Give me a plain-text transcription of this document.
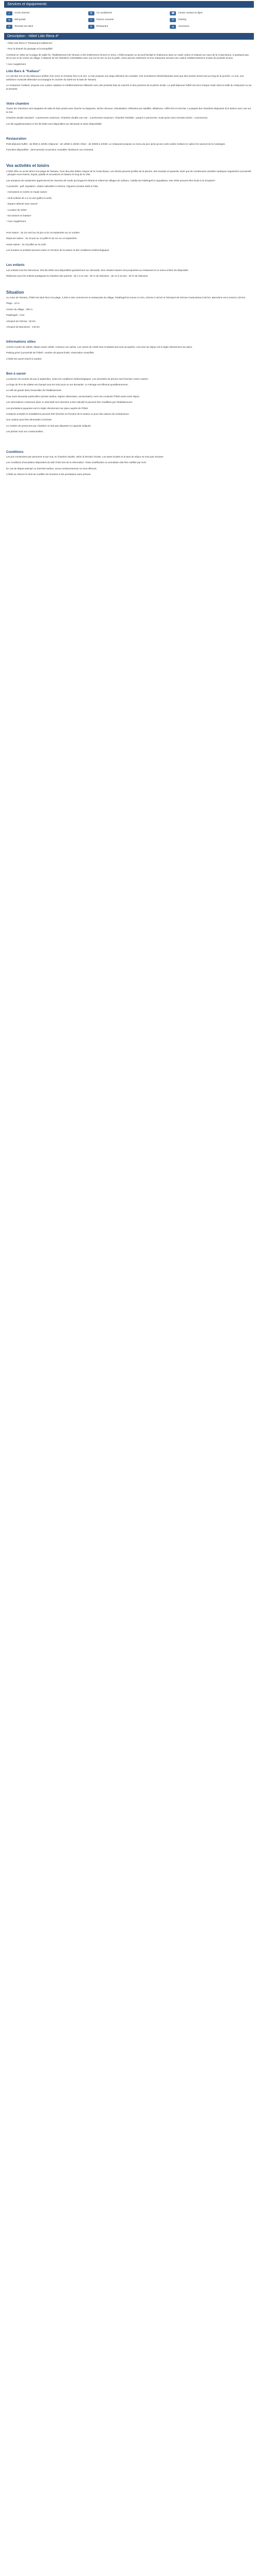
Services et équipements
⌂	Accès internet	❄	Air conditionné	☎	Centre contact en ligne
≋	Wifi gratuit	≈	Piscine couverte	P	Parking
☀	Terrasse de soleil	✕	Restaurant	▲	Ascenseur
Description - Hôtel Lido Riera 4*

- Hôtel Lido Riera 4* Restaurant traditionnel

- Pour la beauté du paysage et la tranquillité

Construit en 1962 sur la plage de sable fin, l'établissement de Tamariu a été entièrement rénové en 2014. L'hôtel propose un accueil familial et chaleureux dans un cadre calme et relaxant au cœur de la Costa Brava, à quelques pas de la mer et du centre du village. Il dispose de 50 chambres confortables avec vue sur la mer ou sur le jardin, d'une piscine extérieure et d'un restaurant servant une cuisine méditerranéenne à base de produits locaux.

* Avec supplément

Lido Bars & "Kallaus"

Le Lido Bar est un lieu idéal pour profiter d'un verre en terrasse face à la mer. Le bar propose une large sélection de cocktails, vins et boissons rafraîchissantes ainsi que des snacks servis tout au long de la journée. Le soir, une ambiance musicale détendue accompagne le coucher du soleil sur la baie de Tamariu.

Le restaurant "Kallaus" propose une cuisine catalane et méditerranéenne élaborée avec des produits frais du marché et des poissons de la pêche locale. Le petit-déjeuner buffet est servi chaque matin dans la salle du restaurant ou sur la terrasse.

Votre chambre

Toutes les chambres sont équipées de salle de bain privée avec douche ou baignoire, sèche-cheveux, climatisation, télévision par satellite, téléphone, coffre-fort et mini-bar. La plupart des chambres disposent d'un balcon avec vue sur la mer.

Chambre double standard : 2 personnes maximum. Chambre double vue mer : 2 personnes maximum. Chambre familiale : jusqu'à 4 personnes. Suite junior avec terrasse privée : 2 personnes.

Les lits supplémentaires et les lits bébé sont disponibles sur demande et selon disponibilité.

Restauration

Petit-déjeuner buffet : de 8h00 à 10h30. Déjeuner : de 13h00 à 15h30. Dîner : de 20h00 à 22h30. Le restaurant propose un menu du jour ainsi qu'une carte variée mettant en valeur les saveurs de la Catalogne.

Formules disponibles : demi-pension et pension complète* (boissons non incluses).

Vos activités et loisirs

L'hôtel offre un accès direct à la plage de Tamariu, l'une des plus belles criques de la Costa Brava. Les clients peuvent profiter de la piscine, des transats et parasols, ainsi que de nombreuses activités nautiques organisées à proximité : plongée sous-marine, kayak, paddle et excursions en bateau le long de la côte.

Les amateurs de randonnée apprécieront les chemins de ronde qui longent le littoral et relient les villages de Llafranc, Calella de Palafrugell et Aiguablava. Des vélos peuvent être loués à la réception*.

À proximité : golf, équitation, visites culturelles à Gérone, Figueres (musée Dalí) et Pals.

- Animations en soirée en haute saison

- Club enfants de 4 à 12 ans (juillet et août)

- Espace détente avec sauna*

- Location de vélos*

- Excursions en bateau*

* Avec supplément

Hors saison : du 1er avril au 15 juin et du 15 septembre au 31 octobre

Moyenne saison : du 16 juin au 14 juillet et du 1er au 14 septembre

Haute saison : du 15 juillet au 31 août

Les horaires et activités peuvent varier en fonction de la saison et des conditions météorologiques.

Les enfants

Les enfants sont les bienvenus. Des lits bébé sont disponibles gratuitement sur demande. Des chaises hautes sont proposées au restaurant et un menu enfant est disponible.

Réduction pour les enfants partageant la chambre des parents : de 2 à 11 ans : 50 % de réduction ; de 12 à 16 ans : 30 % de réduction.

Situation

Au cœur de Tamariu, l'hôtel est situé face à la plage, à 200 m des commerces et restaurants du village. Palafrugell se trouve à 4 km, Gérone à 45 km et l'aéroport de Gérone-Costa Brava à 50 km. Barcelone est à environ 120 km.

Plage : 10 m

Centre du village : 200 m

Palafrugell : 4 km

Aéroport de Gérone : 50 km

Aéroport de Barcelone : 140 km

Informations utiles

Arrivée à partir de 15h00, départ avant 12h00. Animaux non admis. Les cartes de crédit Visa et Mastercard sont acceptées. Une taxe de séjour est à régler directement sur place.

Parking privé à proximité de l'hôtel*, nombre de places limité, réservation conseillée.

L'hôtel est ouvert d'avril à octobre.

Bon à savoir

La piscine est ouverte de juin à septembre, selon les conditions météorologiques. Les serviettes de piscine sont fournies contre caution.

Le linge de lit et de toilette est changé tous les trois jours ou sur demande. Le ménage est effectué quotidiennement.

Le wifi est gratuit dans l'ensemble de l'établissement.

Pour toute demande particulière (arrivée tardive, régime alimentaire, anniversaire), merci de contacter l'hôtel avant votre séjour.

Les informations contenues dans ce descriptif sont données à titre indicatif et peuvent être modifiées par l'établissement.

Les prestations payantes sont à régler directement sur place auprès de l'hôtel.

Certaines activités et installations peuvent être fermées en fonction de la saison ou pour des raisons de maintenance.

Une caution peut être demandée à l'arrivée.

Le nombre de personnes par chambre ne doit pas dépasser la capacité indiquée.

Les photos sont non contractuelles.

Conditions

Les prix s'entendent par personne et par nuit, en chambre double, selon la formule choisie. Les taxes locales et la taxe de séjour ne sont pas incluses.

Les conditions d'annulation dépendent du tarif choisi lors de la réservation. Toute modification ou annulation doit être notifiée par écrit.

En cas de départ anticipé ou d'arrivée tardive, aucun remboursement ne sera effectué.

L'hôtel se réserve le droit de modifier les horaires et les prestations sans préavis.
